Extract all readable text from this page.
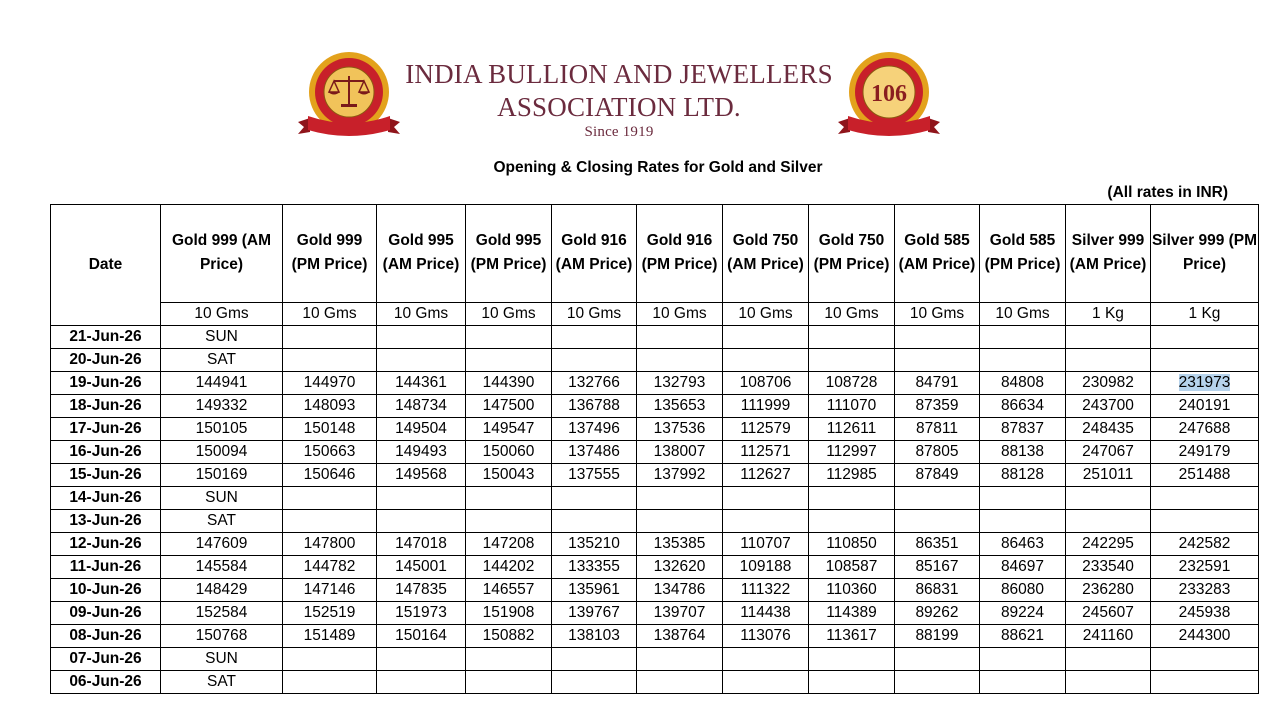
INDIA BULLION AND JEWELLERS
ASSOCIATION LTD.
Since 1919
106
Opening & Closing Rates for Gold and Silver
(All rates in INR)
Date	Gold 999 (AM Price)	Gold 999 (PM Price)	Gold 995 (AM Price)	Gold 995 (PM Price)	Gold 916 (AM Price)	Gold 916 (PM Price)	Gold 750 (AM Price)	Gold 750 (PM Price)	Gold 585 (AM Price)	Gold 585 (PM Price)	Silver 999 (AM Price)	Silver 999 (PM Price)
	10 Gms	10 Gms	10 Gms	10 Gms	10 Gms	10 Gms	10 Gms	10 Gms	10 Gms	10 Gms	1 Kg	1 Kg
21-Jun-26	SUN											
20-Jun-26	SAT											
19-Jun-26	144941	144970	144361	144390	132766	132793	108706	108728	84791	84808	230982	231973
18-Jun-26	149332	148093	148734	147500	136788	135653	111999	111070	87359	86634	243700	240191
17-Jun-26	150105	150148	149504	149547	137496	137536	112579	112611	87811	87837	248435	247688
16-Jun-26	150094	150663	149493	150060	137486	138007	112571	112997	87805	88138	247067	249179
15-Jun-26	150169	150646	149568	150043	137555	137992	112627	112985	87849	88128	251011	251488
14-Jun-26	SUN											
13-Jun-26	SAT											
12-Jun-26	147609	147800	147018	147208	135210	135385	110707	110850	86351	86463	242295	242582
11-Jun-26	145584	144782	145001	144202	133355	132620	109188	108587	85167	84697	233540	232591
10-Jun-26	148429	147146	147835	146557	135961	134786	111322	110360	86831	86080	236280	233283
09-Jun-26	152584	152519	151973	151908	139767	139707	114438	114389	89262	89224	245607	245938
08-Jun-26	150768	151489	150164	150882	138103	138764	113076	113617	88199	88621	241160	244300
07-Jun-26	SUN											
06-Jun-26	SAT											
